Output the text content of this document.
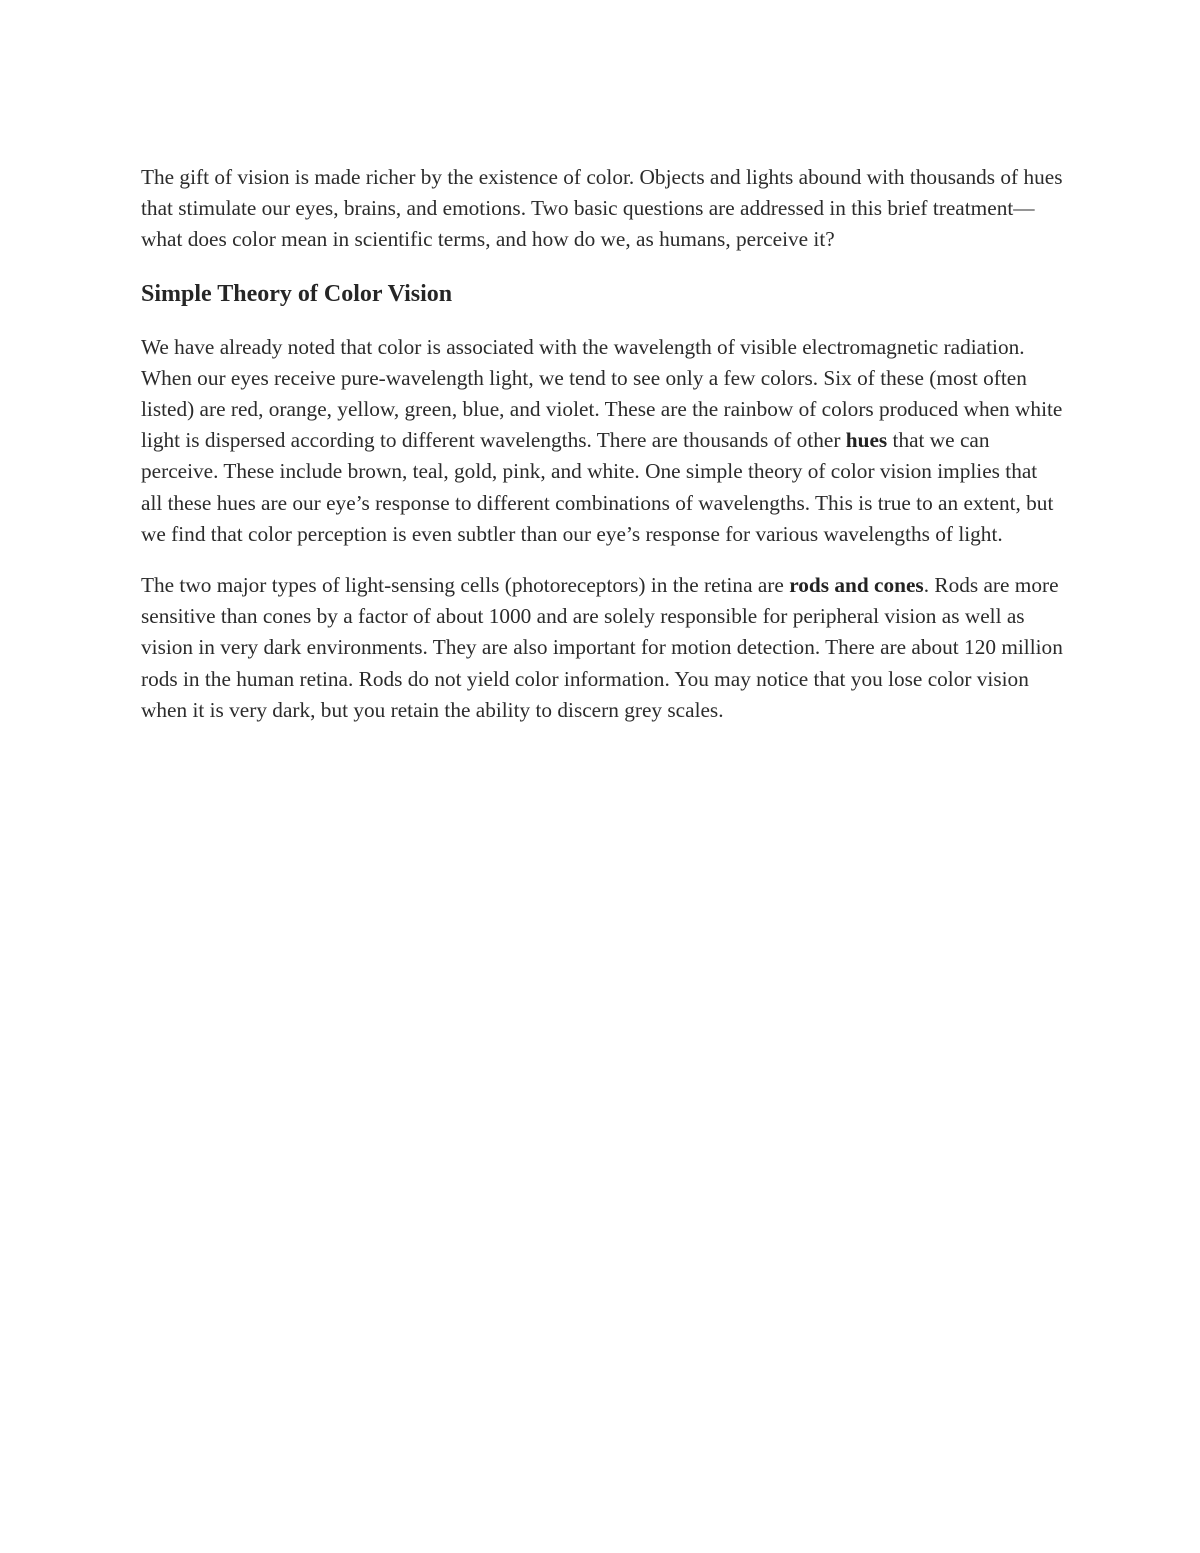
The gift of vision is made richer by the existence of color. Objects and lights abound with thousands of hues that stimulate our eyes, brains, and emotions. Two basic questions are addressed in this brief treatment—what does color mean in scientific terms, and how do we, as humans, perceive it?

Simple Theory of Color Vision

We have already noted that color is associated with the wavelength of visible electromagnetic radiation. When our eyes receive pure-wavelength light, we tend to see only a few colors. Six of these (most often listed) are red, orange, yellow, green, blue, and violet. These are the rainbow of colors produced when white light is dispersed according to different wavelengths. There are thousands of other hues that we can perceive. These include brown, teal, gold, pink, and white. One simple theory of color vision implies that all these hues are our eye’s response to different combinations of wavelengths. This is true to an extent, but we find that color perception is even subtler than our eye’s response for various wavelengths of light.

The two major types of light-sensing cells (photoreceptors) in the retina are rods and cones. Rods are more sensitive than cones by a factor of about 1000 and are solely responsible for peripheral vision as well as vision in very dark environments. They are also important for motion detection. There are about 120 million rods in the human retina. Rods do not yield color information. You may notice that you lose color vision when it is very dark, but you retain the ability to discern grey scales.
